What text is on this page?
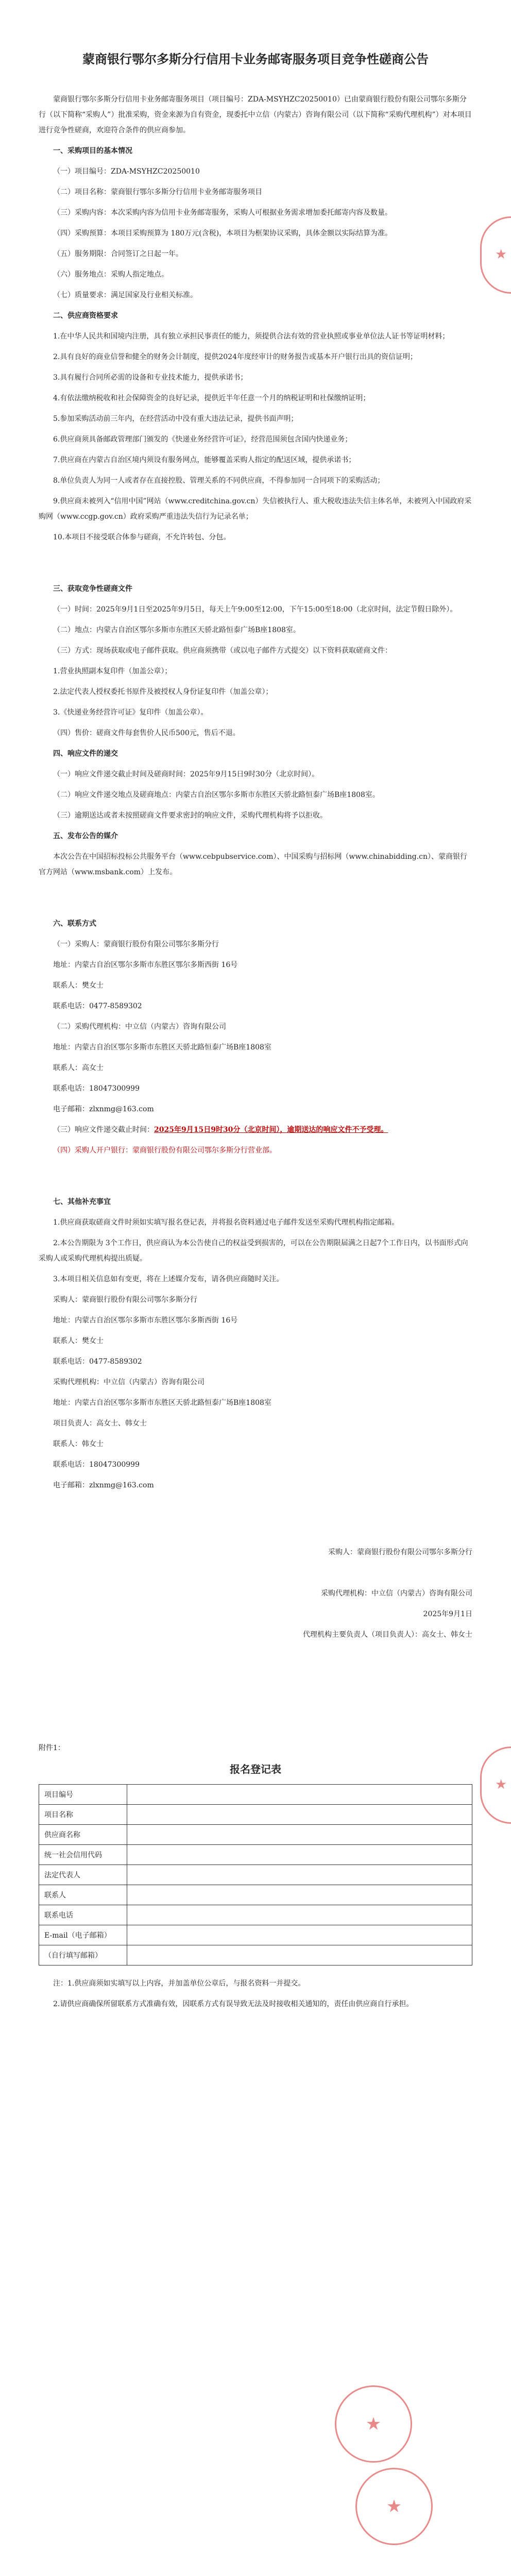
蒙商银行鄂尔多斯分行信用卡业务邮寄服务项目竞争性磋商公告

蒙商银行鄂尔多斯分行信用卡业务邮寄服务项目（项目编号：ZDA-MSYHZC20250010）已由蒙商银行股份有限公司鄂尔多斯分行（以下简称“采购人”）批准采购，资金来源为自有资金，现委托中立信（内蒙古）咨询有限公司（以下简称“采购代理机构”）对本项目进行竞争性磋商，欢迎符合条件的供应商参加。

一、采购项目的基本情况

（一）项目编号：ZDA-MSYHZC20250010

（二）项目名称：蒙商银行鄂尔多斯分行信用卡业务邮寄服务项目

（三）采购内容：本次采购内容为信用卡业务邮寄服务，采购人可根据业务需求增加委托邮寄内容及数量。

（四）采购预算：本项目采购预算为 180万元(含税)，本项目为框架协议采购，具体金额以实际结算为准。

（五）服务期限：合同签订之日起一年。

（六）服务地点：采购人指定地点。

（七）质量要求：满足国家及行业相关标准。

二、供应商资格要求

1.在中华人民共和国境内注册，具有独立承担民事责任的能力，须提供合法有效的营业执照或事业单位法人证书等证明材料；

2.具有良好的商业信誉和健全的财务会计制度，提供2024年度经审计的财务报告或基本开户银行出具的资信证明；

3.具有履行合同所必需的设备和专业技术能力，提供承诺书；

4.有依法缴纳税收和社会保障资金的良好记录，提供近半年任意一个月的纳税证明和社保缴纳证明；

5.参加采购活动前三年内，在经营活动中没有重大违法记录，提供书面声明；

6.供应商须具备邮政管理部门颁发的《快递业务经营许可证》，经营范围须包含国内快递业务；

7.供应商在内蒙古自治区境内须设有服务网点，能够覆盖采购人指定的配送区域，提供承诺书；

8.单位负责人为同一人或者存在直接控股、管理关系的不同供应商，不得参加同一合同项下的采购活动；

9.供应商未被列入“信用中国”网站（www.creditchina.gov.cn）失信被执行人、重大税收违法失信主体名单，未被列入中国政府采购网（www.ccgp.gov.cn）政府采购严重违法失信行为记录名单；

10.本项目不接受联合体参与磋商，不允许转包、分包。

三、获取竞争性磋商文件

（一）时间：2025年9月1日至2025年9月5日，每天上午9:00至12:00，下午15:00至18:00（北京时间，法定节假日除外）。

（二）地点：内蒙古自治区鄂尔多斯市东胜区天骄北路恒泰广场B座1808室。

（三）方式：现场获取或电子邮件获取。供应商须携带（或以电子邮件方式提交）以下资料获取磋商文件：

1.营业执照副本复印件（加盖公章）；

2.法定代表人授权委托书原件及被授权人身份证复印件（加盖公章）；

3.《快递业务经营许可证》复印件（加盖公章）。

（四）售价：磋商文件每套售价人民币500元，售后不退。

四、响应文件的递交

（一）响应文件递交截止时间及磋商时间：2025年9月15日9时30分（北京时间）。

（二）响应文件递交地点及磋商地点：内蒙古自治区鄂尔多斯市东胜区天骄北路恒泰广场B座1808室。

（三）逾期送达或者未按照磋商文件要求密封的响应文件，采购代理机构将予以拒收。

五、发布公告的媒介

本次公告在中国招标投标公共服务平台（www.cebpubservice.com）、中国采购与招标网（www.chinabidding.cn）、蒙商银行官方网站（www.msbank.com）上发布。

六、联系方式

（一）采购人：蒙商银行股份有限公司鄂尔多斯分行

地址：内蒙古自治区鄂尔多斯市东胜区鄂尔多斯西街 16号

联系人：樊女士

联系电话：0477-8589302

（二）采购代理机构：中立信（内蒙古）咨询有限公司

地址：内蒙古自治区鄂尔多斯市东胜区天骄北路恒泰广场B座1808室

联系人：高女士

联系电话：18047300999

电子邮箱：zlxnmg@163.com

（三）响应文件递交截止时间：2025年9月15日9时30分（北京时间），逾期送达的响应文件不予受理。

（四）采购人开户银行：蒙商银行股份有限公司鄂尔多斯分行营业部。

七、其他补充事宜

1.供应商获取磋商文件时须如实填写报名登记表，并将报名资料通过电子邮件发送至采购代理机构指定邮箱。

2.本公告期限为 3个工作日，供应商认为本公告使自己的权益受到损害的，可以在公告期限届满之日起7个工作日内，以书面形式向采购人或采购代理机构提出质疑。

3.本项目相关信息如有变更，将在上述媒介发布，请各供应商随时关注。

采购人：蒙商银行股份有限公司鄂尔多斯分行

地址：内蒙古自治区鄂尔多斯市东胜区鄂尔多斯西街 16号

联系人：樊女士

联系电话：0477-8589302

采购代理机构：中立信（内蒙古）咨询有限公司

地址：内蒙古自治区鄂尔多斯市东胜区天骄北路恒泰广场B座1808室

项目负责人：高女士、韩女士

联系人：韩女士

联系电话：18047300999

电子邮箱：zlxnmg@163.com

采购人：蒙商银行股份有限公司鄂尔多斯分行

采购代理机构：中立信（内蒙古）咨询有限公司

2025年9月1日

代理机构主要负责人（项目负责人）：高女士、韩女士

附件1：

报名登记表
项目编号	
项目名称	
供应商名称	
统一社会信用代码	
法定代表人	
联系人	
联系电话	
E-mail（电子邮箱）	
（自行填写邮箱）	

注：1.供应商须如实填写以上内容，并加盖单位公章后，与报名资料一并提交。

2.请供应商确保所留联系方式准确有效，因联系方式有误导致无法及时接收相关通知的，责任由供应商自行承担。

★
★
★
★
